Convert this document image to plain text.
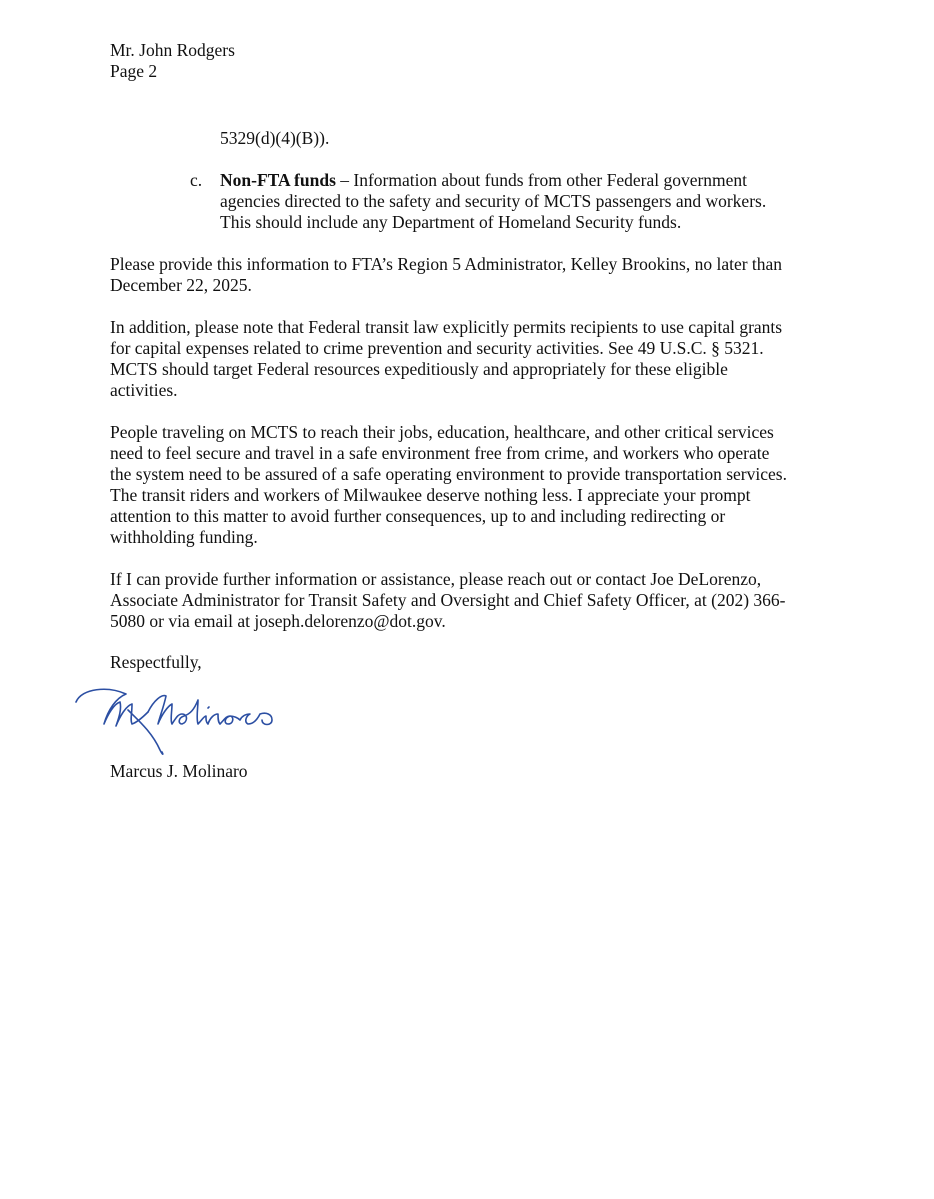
Mr. John Rodgers
Page 2
5329(d)(4)(B)).
c. Non-FTA funds – Information about funds from other Federal government
agencies directed to the safety and security of MCTS passengers and workers.
This should include any Department of Homeland Security funds.
Please provide this information to FTA’s Region 5 Administrator, Kelley Brookins, no later than
December 22, 2025.
In addition, please note that Federal transit law explicitly permits recipients to use capital grants
for capital expenses related to crime prevention and security activities. See 49 U.S.C. § 5321.
MCTS should target Federal resources expeditiously and appropriately for these eligible
activities.
People traveling on MCTS to reach their jobs, education, healthcare, and other critical services
need to feel secure and travel in a safe environment free from crime, and workers who operate
the system need to be assured of a safe operating environment to provide transportation services.
The transit riders and workers of Milwaukee deserve nothing less. I appreciate your prompt
attention to this matter to avoid further consequences, up to and including redirecting or
withholding funding.
If I can provide further information or assistance, please reach out or contact Joe DeLorenzo,
Associate Administrator for Transit Safety and Oversight and Chief Safety Officer, at (202) 366-
5080 or via email at joseph.delorenzo@dot.gov.
Respectfully,
Marcus J. Molinaro
